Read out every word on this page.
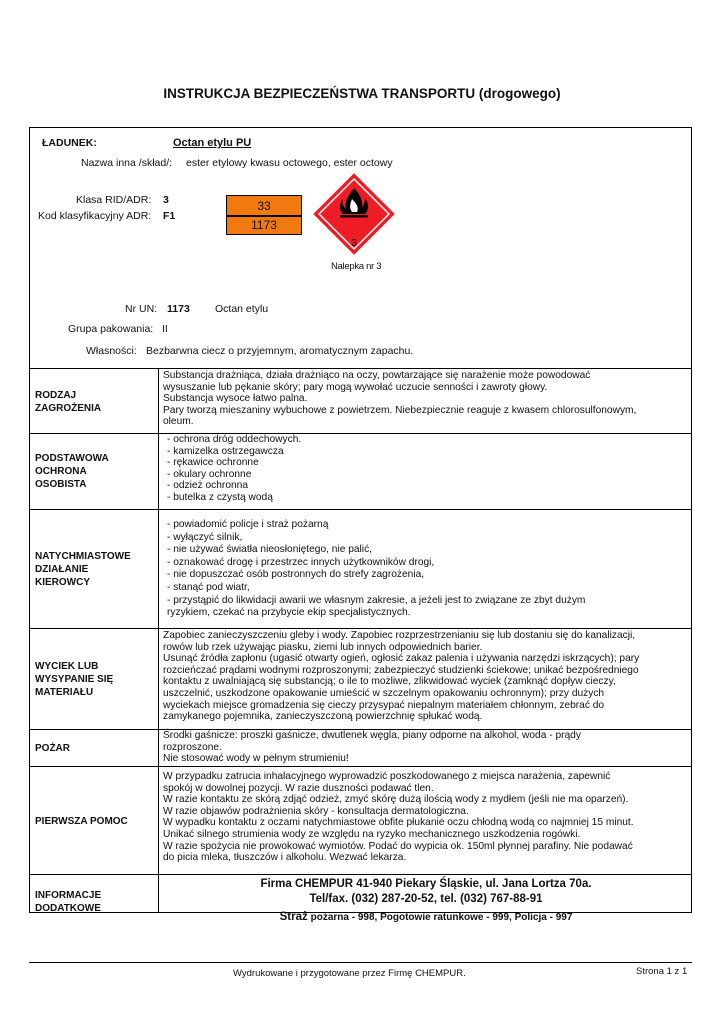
INSTRUKCJA BEZPIECZEŃSTWA TRANSPORTU (drogowego)
ŁADUNEK:	Octan etylu PU
Nazwa inna /skład/: ester etylowy kwasu octowego, ester octowy
Klasa RID/ADR: 3
Kod klasyfikacyjny ADR: F1
33
1173
3
Nalepka nr 3
Nr UN: 1173 Octan etylu
Grupa pakowania: II
Własności: Bezbarwna ciecz o przyjemnym, aromatycznym zapachu.
RODZAJ
ZAGROŻENIA
Substancja drażniąca, działa drażniąco na oczy, powtarzające się narażenie może powodować
wysuszanie lub pękanie skóry; pary mogą wywołać uczucie senności i zawroty głowy.
Substancja wysoce łatwo palna.
Pary tworzą mieszaniny wybuchowe z powietrzem. Niebezpiecznie reaguje z kwasem chlorosulfonowym,
oleum.
PODSTAWOWA
OCHRONA
OSOBISTA
- ochrona dróg oddechowych.
- kamizelka ostrzegawcza
- rękawice ochronne
- okulary ochronne
- odzież ochronna
- butelka z czystą wodą
NATYCHMIASTOWE
DZIAŁANIE
KIEROWCY
- powiadomić policje i straż pożarną
- wyłączyć silnik,
- nie używać światła nieosłoniętego, nie palić,
- oznakować drogę i przestrzec innych użytkowników drogi,
- nie dopuszczać osób postronnych do strefy zagrożenia,
- stanąć pod wiatr,
- przystąpić do likwidacji awarii we własnym zakresie, a jeżeli jest to związane ze zbyt dużym
ryzykiem, czekać na przybycie ekip specjalistycznych.
WYCIEK LUB
WYSYPANIE SIĘ
MATERIAŁU
Zapobiec zanieczyszczeniu gleby i wody. Zapobiec rozprzestrzenianiu się lub dostaniu się do kanalizacji,
rowów lub rzek używając piasku, ziemi lub innych odpowiednich barier.
Usunąć źródła zapłonu (ugasić otwarty ogień, ogłosić zakaz palenia i używania narzędzi iskrzących); pary
rozcieńczać prądami wodnymi rozproszonymi; zabezpieczyć studzienki ściekowe; unikać bezpośredniego
kontaktu z uwalniającą się substancją; o ile to możliwe, zlikwidować wyciek (zamknąć dopływ cieczy,
uszczelnić, uszkodzone opakowanie umieścić w szczelnym opakowaniu ochronnym); przy dużych
wyciekach miejsce gromadzenia się cieczy przysypać niepalnym materiałem chłonnym, zebrać do
zamykanego pojemnika, zanieczyszczoną powierzchnię spłukać wodą.
POŻAR
Środki gaśnicze: proszki gaśnicze, dwutlenek węgla, piany odporne na alkohol, woda - prądy
rozproszone.
Nie stosować wody w pełnym strumieniu!
PIERWSZA POMOC
W przypadku zatrucia inhalacyjnego wyprowadzić poszkodowanego z miejsca narażenia, zapewnić
spokój w dowolnej pozycji. W razie duszności podawać tlen.
W razie kontaktu ze skórą zdjąć odzież, zmyć skórę dużą ilością wody z mydłem (jeśli nie ma oparzeń).
W razie objawów podrażnienia skóry - konsultacja dermatologiczna.
W wypadku kontaktu z oczami natychmiastowe obfite płukanie oczu chłodną wodą co najmniej 15 minut.
Unikać silnego strumienia wody ze względu na ryzyko mechanicznego uszkodzenia rogówki.
W razie spożycia nie prowokować wymiotów. Podać do wypicia ok. 150ml płynnej parafiny. Nie podawać
do picia mleka, tłuszczów i alkoholu. Wezwać lekarza.
INFORMACJE
DODATKOWE
Firma CHEMPUR 41-940 Piekary Śląskie, ul. Jana Lortza 70a.
Tel/fax. (032) 287-20-52, tel. (032) 767-88-91
Straż pożarna - 998, Pogotowie ratunkowe - 999, Policja - 997
Wydrukowane i przygotowane przez Firmę CHEMPUR.	Strona 1 z 1
